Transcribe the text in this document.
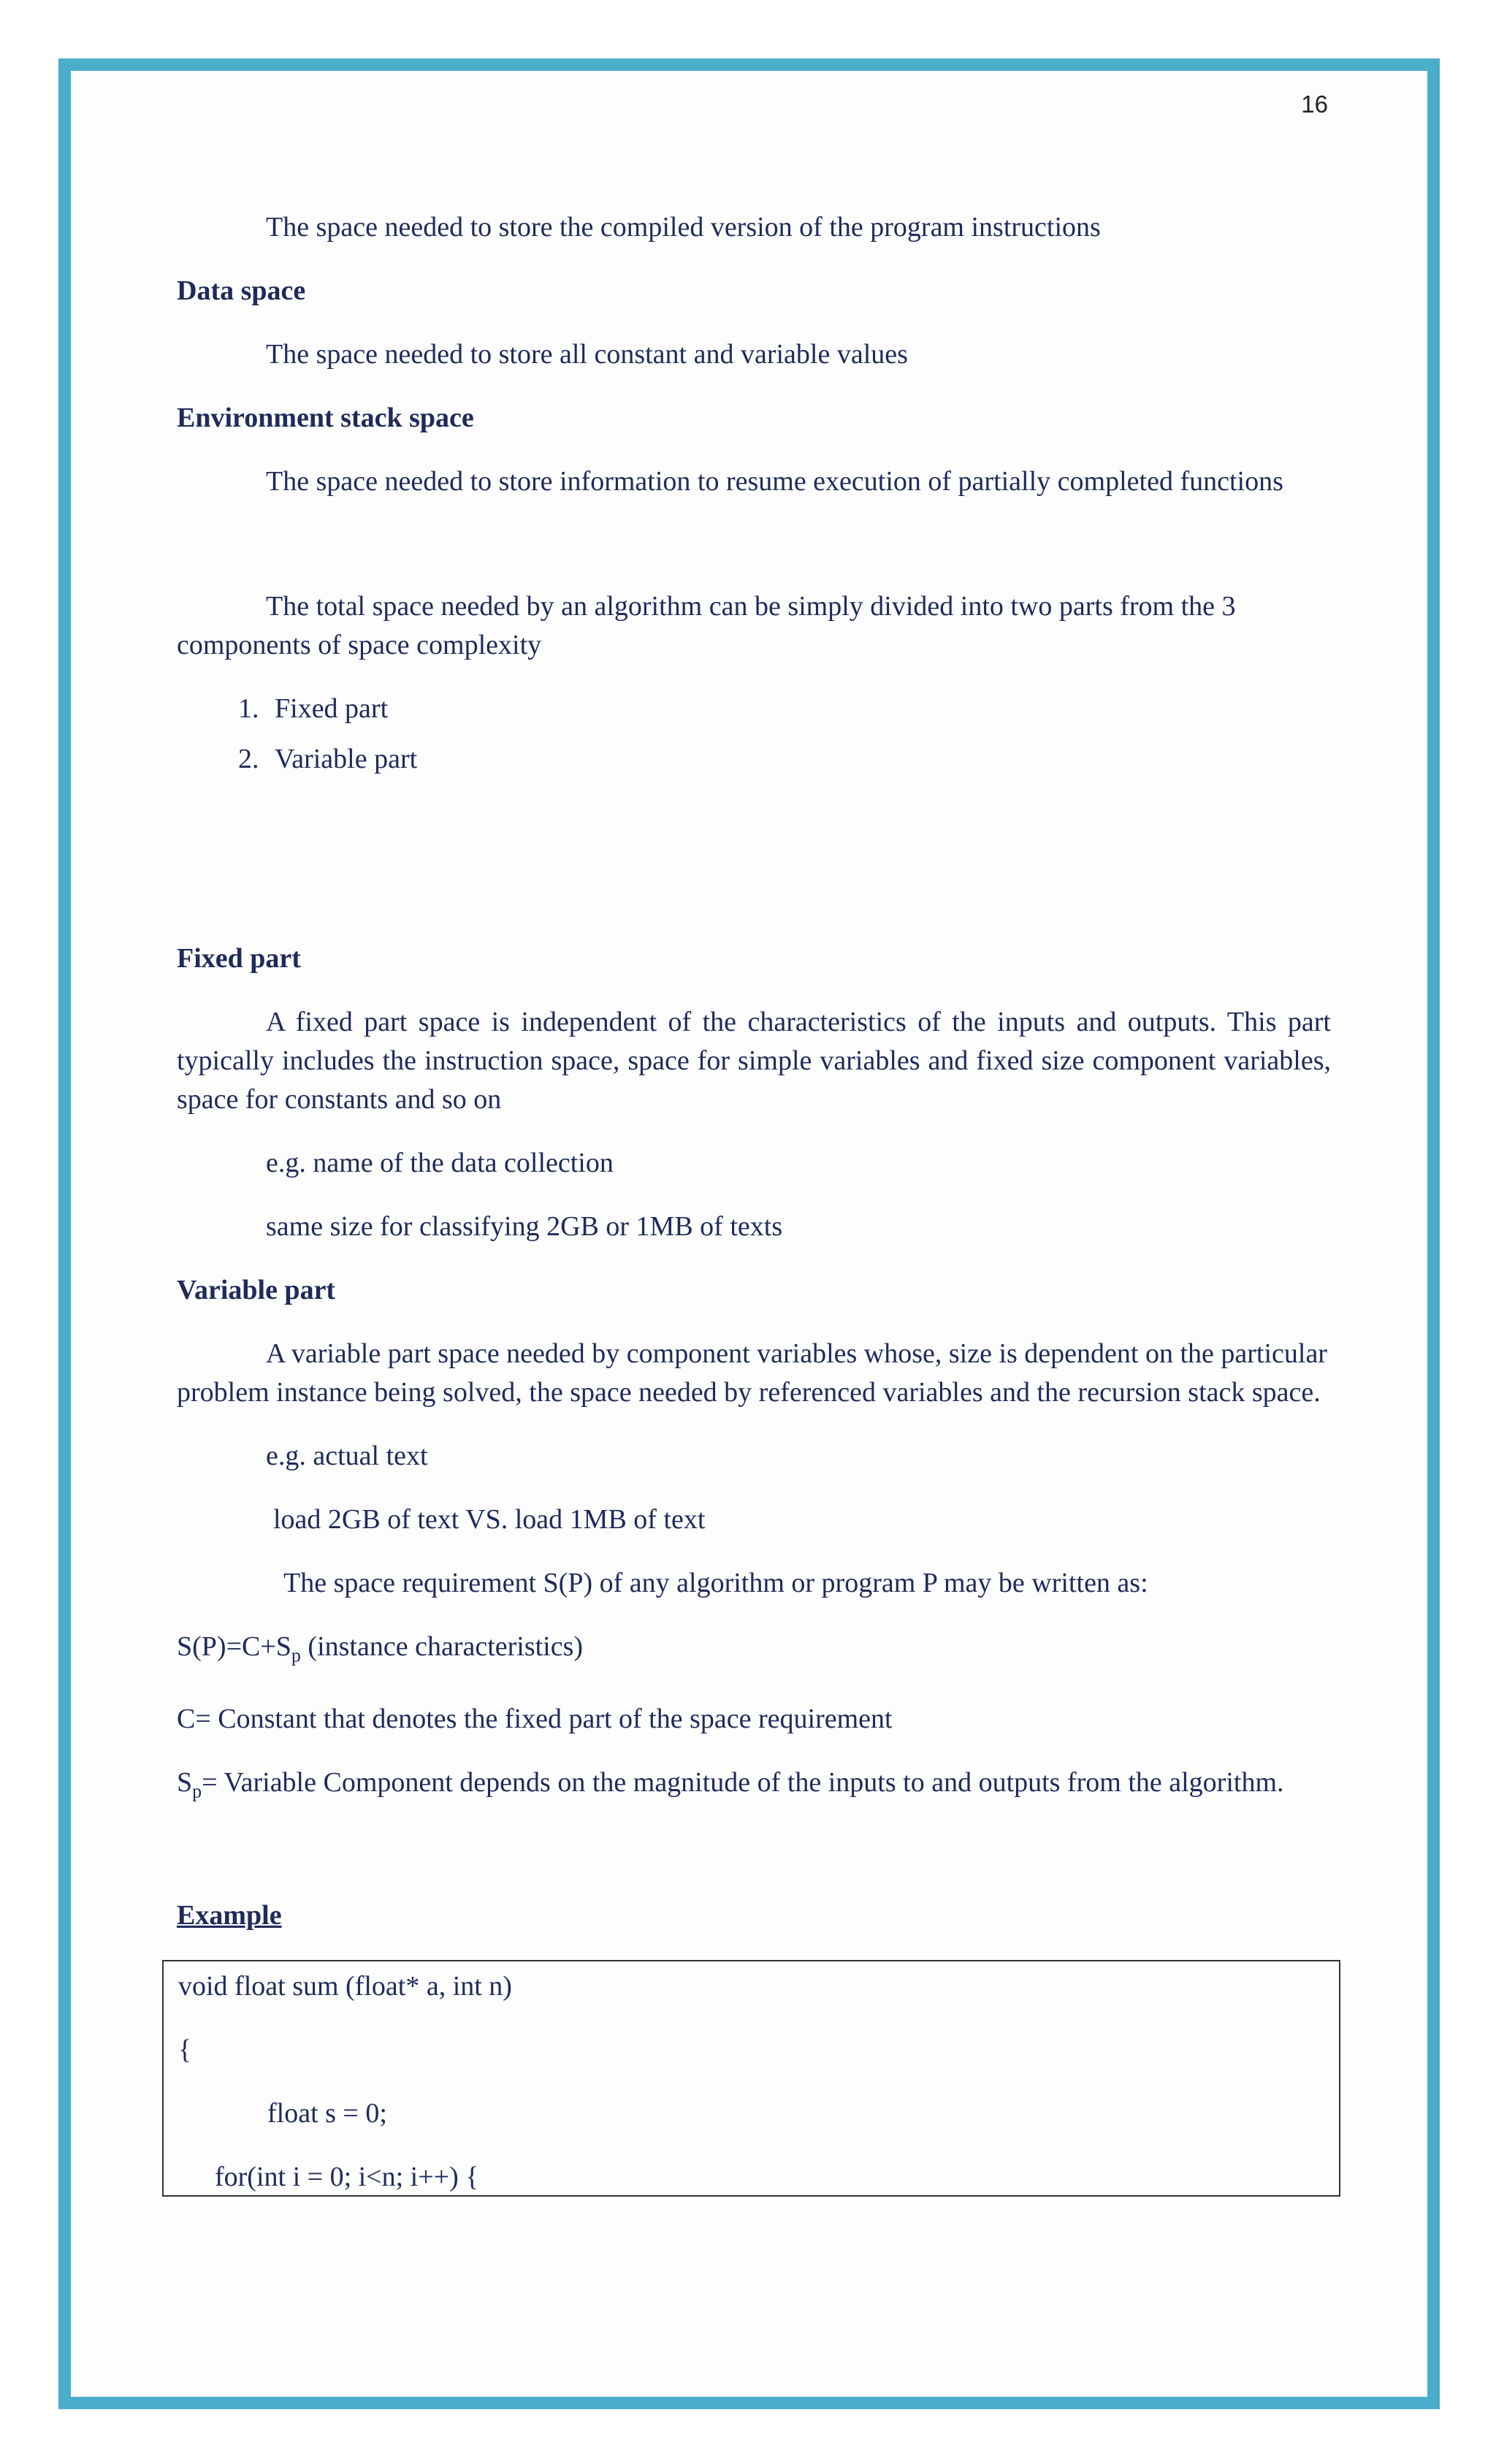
16

The space needed to store the compiled version of the program instructions

Data space

The space needed to store all constant and variable values

Environment stack space

The space needed to store information to resume execution of partially completed functions

The total space needed by an algorithm can be simply divided into two parts from the 3 components of space complexity

1. Fixed part
2. Variable part
Fixed part

A fixed part space is independent of the characteristics of the inputs and outputs. This part typically includes the instruction space, space for simple variables and fixed size component variables, space for constants and so on

e.g. name of the data collection

same size for classifying 2GB or 1MB of texts

Variable part

A variable part space needed by component variables whose, size is dependent on the particular problem instance being solved, the space needed by referenced variables and the recursion stack space.

e.g. actual text

load 2GB of text VS. load 1MB of text

The space requirement S(P) of any algorithm or program P may be written as:

$S(P)=C+S_p$ (instance characteristics)

C= Constant that denotes the fixed part of the space requirement

$S_p=$ Variable Component depends on the magnitude of the inputs to and outputs from the algorithm.

Example

void float sum (float* a, int n)

{

float s = 0;

for(int i = 0; i<n; i++) {
